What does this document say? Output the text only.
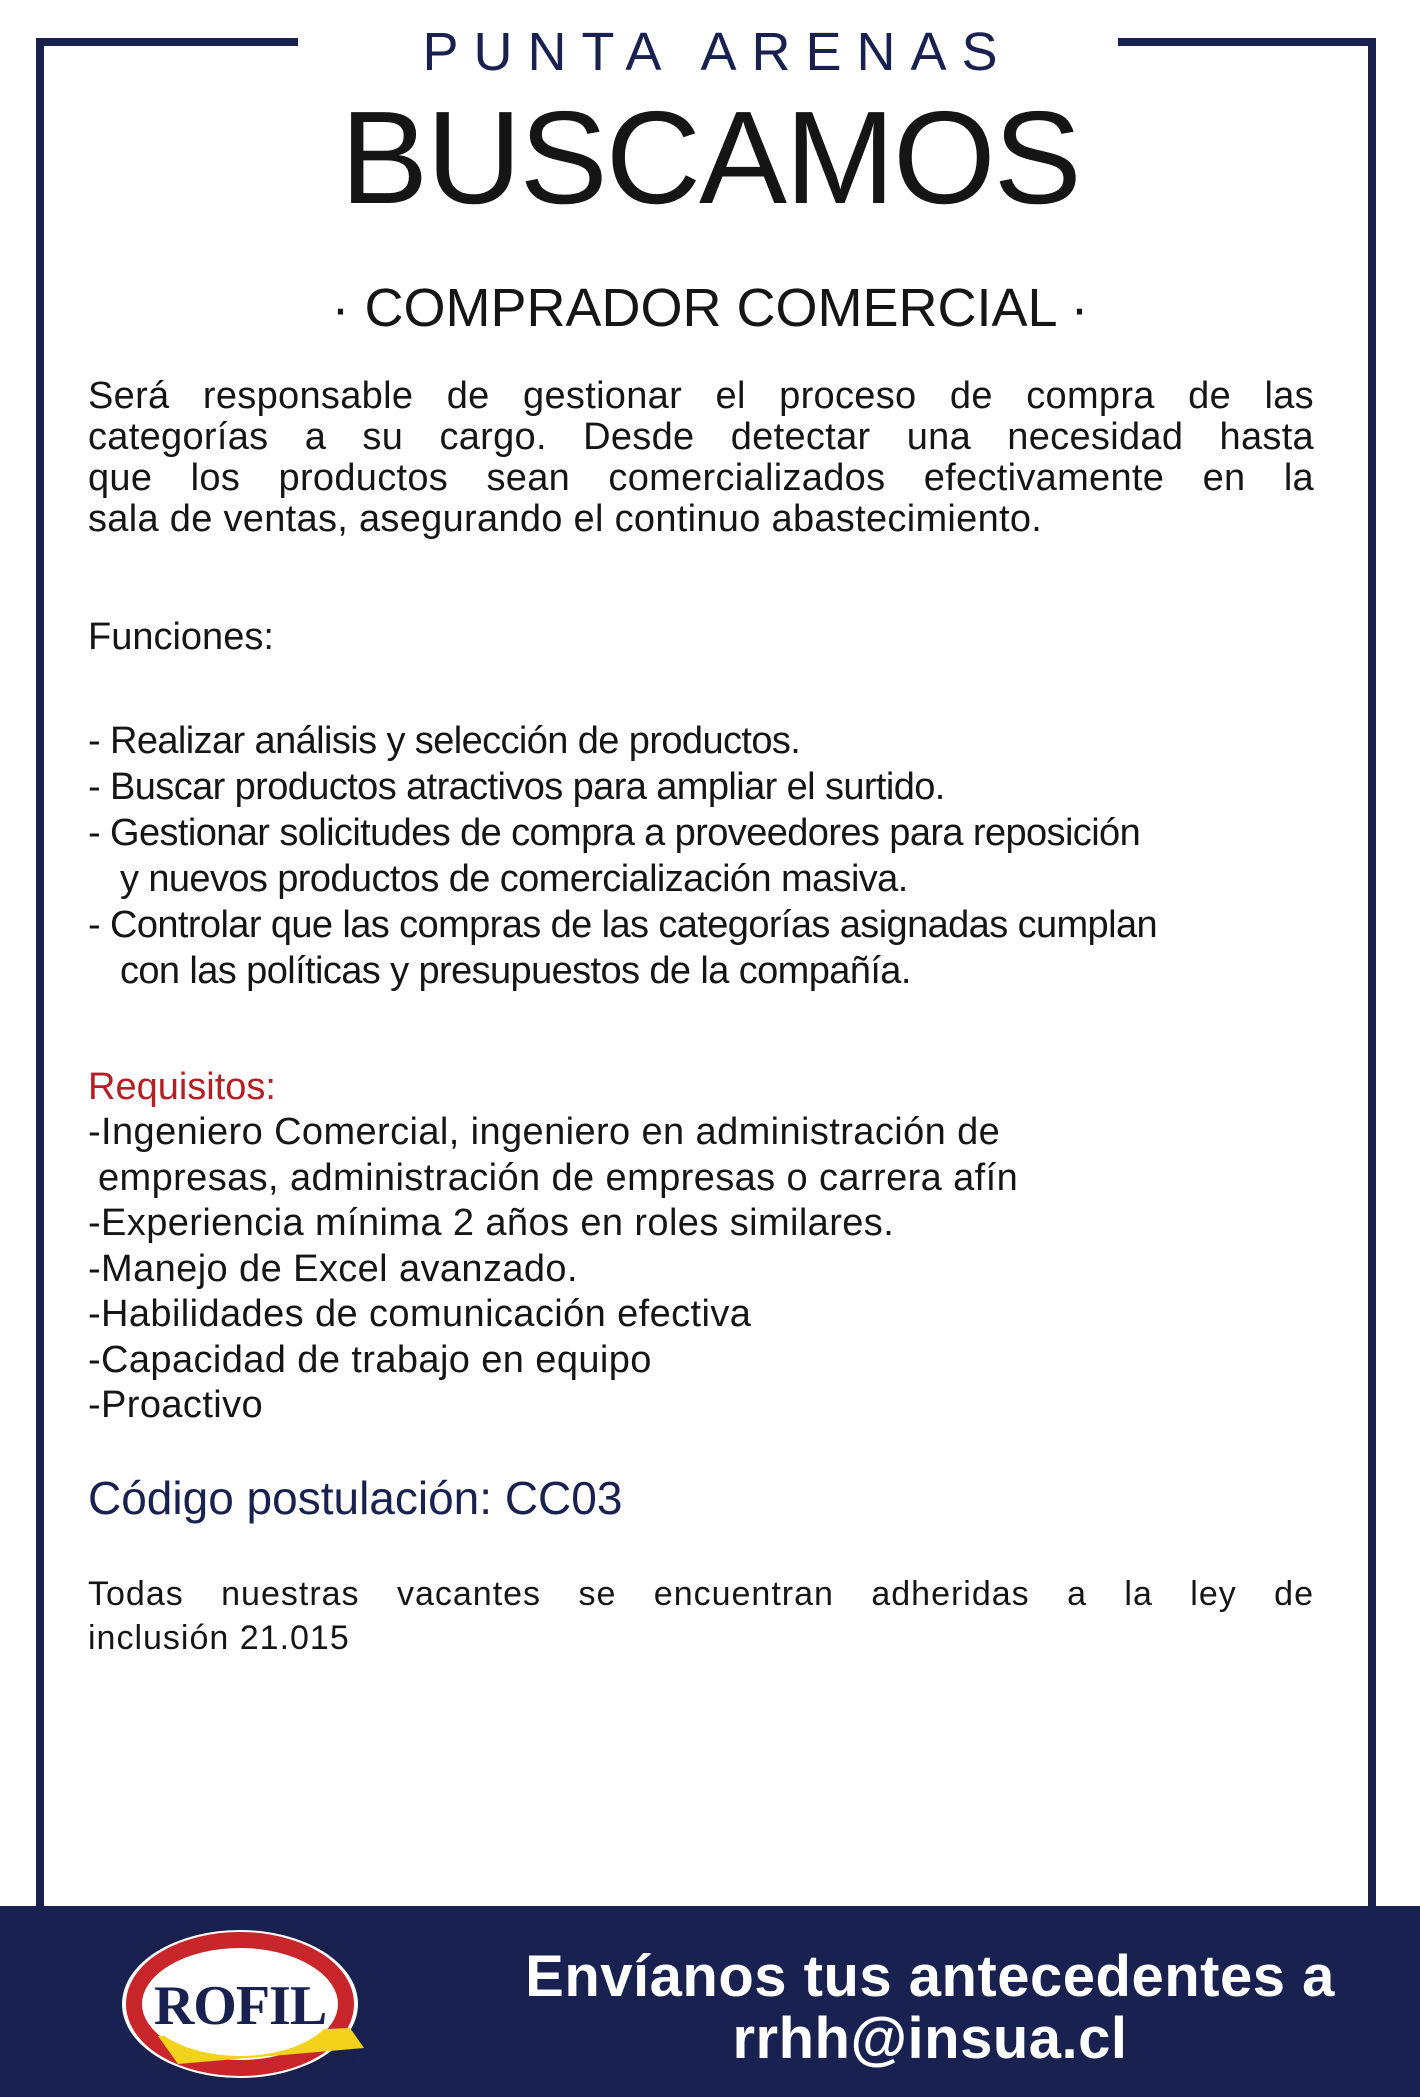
PUNTA ARENAS
BUSCAMOS
· COMPRADOR COMERCIAL ·
Será responsable de gestionar el proceso de compra de las
categorías a su cargo. Desde detectar una necesidad hasta
que los productos sean comercializados efectivamente en la
sala de ventas, asegurando el continuo abastecimiento.
Funciones:
- Realizar análisis y selección de productos.
- Buscar productos atractivos para ampliar el surtido.
- Gestionar solicitudes de compra a proveedores para reposición
y nuevos productos de comercialización masiva.
- Controlar que las compras de las categorías asignadas cumplan
con las políticas y presupuestos de la compañía.
Requisitos:
-Ingeniero Comercial, ingeniero en administración de
empresas, administración de empresas o carrera afín
-Experiencia mínima 2 años en roles similares.
-Manejo de Excel avanzado.
-Habilidades de comunicación efectiva
-Capacidad de trabajo en equipo
-Proactivo
Código postulación: CC03
Todas nuestras vacantes se encuentran adheridas a la ley de
inclusión 21.015
ROFIL
®
Envíanos tus antecedentes a
rrhh@insua.cl
